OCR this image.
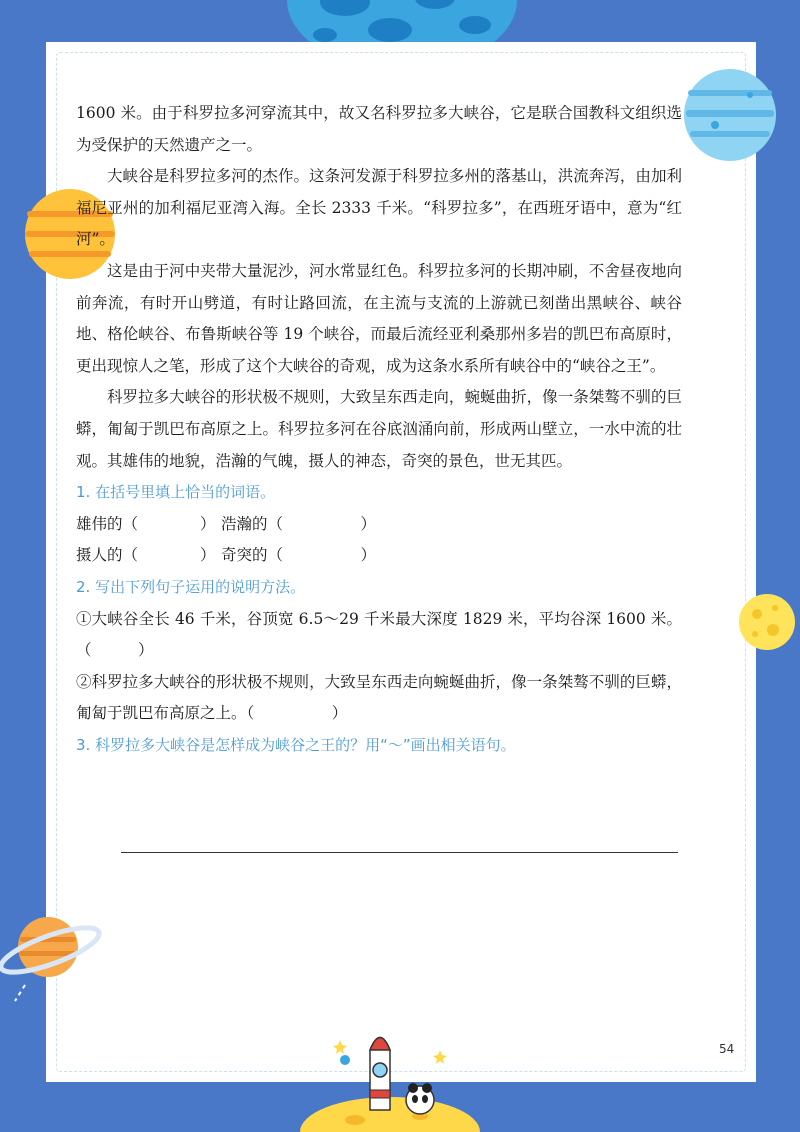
1600 米。由于科罗拉多河穿流其中，故又名科罗拉多大峡谷，它是联合国教科文组织选为受保护的天然遗产之一。

大峡谷是科罗拉多河的杰作。这条河发源于科罗拉多州的落基山，洪流奔泻，由加利福尼亚州的加利福尼亚湾入海。全长 2333 千米。“科罗拉多”，在西班牙语中，意为“红河”。

这是由于河中夹带大量泥沙，河水常显红色。科罗拉多河的长期冲刷，不舍昼夜地向前奔流，有时开山劈道，有时让路回流，在主流与支流的上游就已刻凿出黑峡谷、峡谷地、格伦峡谷、布鲁斯峡谷等 19 个峡谷，而最后流经亚利桑那州多岩的凯巴布高原时，更出现惊人之笔，形成了这个大峡谷的奇观，成为这条水系所有峡谷中的“峡谷之王”。

科罗拉多大峡谷的形状极不规则，大致呈东西走向，蜿蜒曲折，像一条桀骜不驯的巨蟒，匍匐于凯巴布高原之上。科罗拉多河在谷底汹涌向前，形成两山壁立，一水中流的壮观。其雄伟的地貌，浩瀚的气魄，摄人的神态，奇突的景色，世无其匹。

1. 在括号里填上恰当的词语。

雄伟的（　　　　） 浩瀚的（　　　　　）

摄人的（　　　　） 奇突的（　　　　　）

2. 写出下列句子运用的说明方法。

①大峡谷全长 46 千米，谷顶宽 6.5～29 千米最大深度 1829 米，平均谷深 1600 米。（　　　）

②科罗拉多大峡谷的形状极不规则，大致呈东西走向蜿蜒曲折，像一条桀骜不驯的巨蟒，匍匐于凯巴布高原之上。（　　　　　）

3. 科罗拉多大峡谷是怎样成为峡谷之王的？用“～”画出相关语句。

54
